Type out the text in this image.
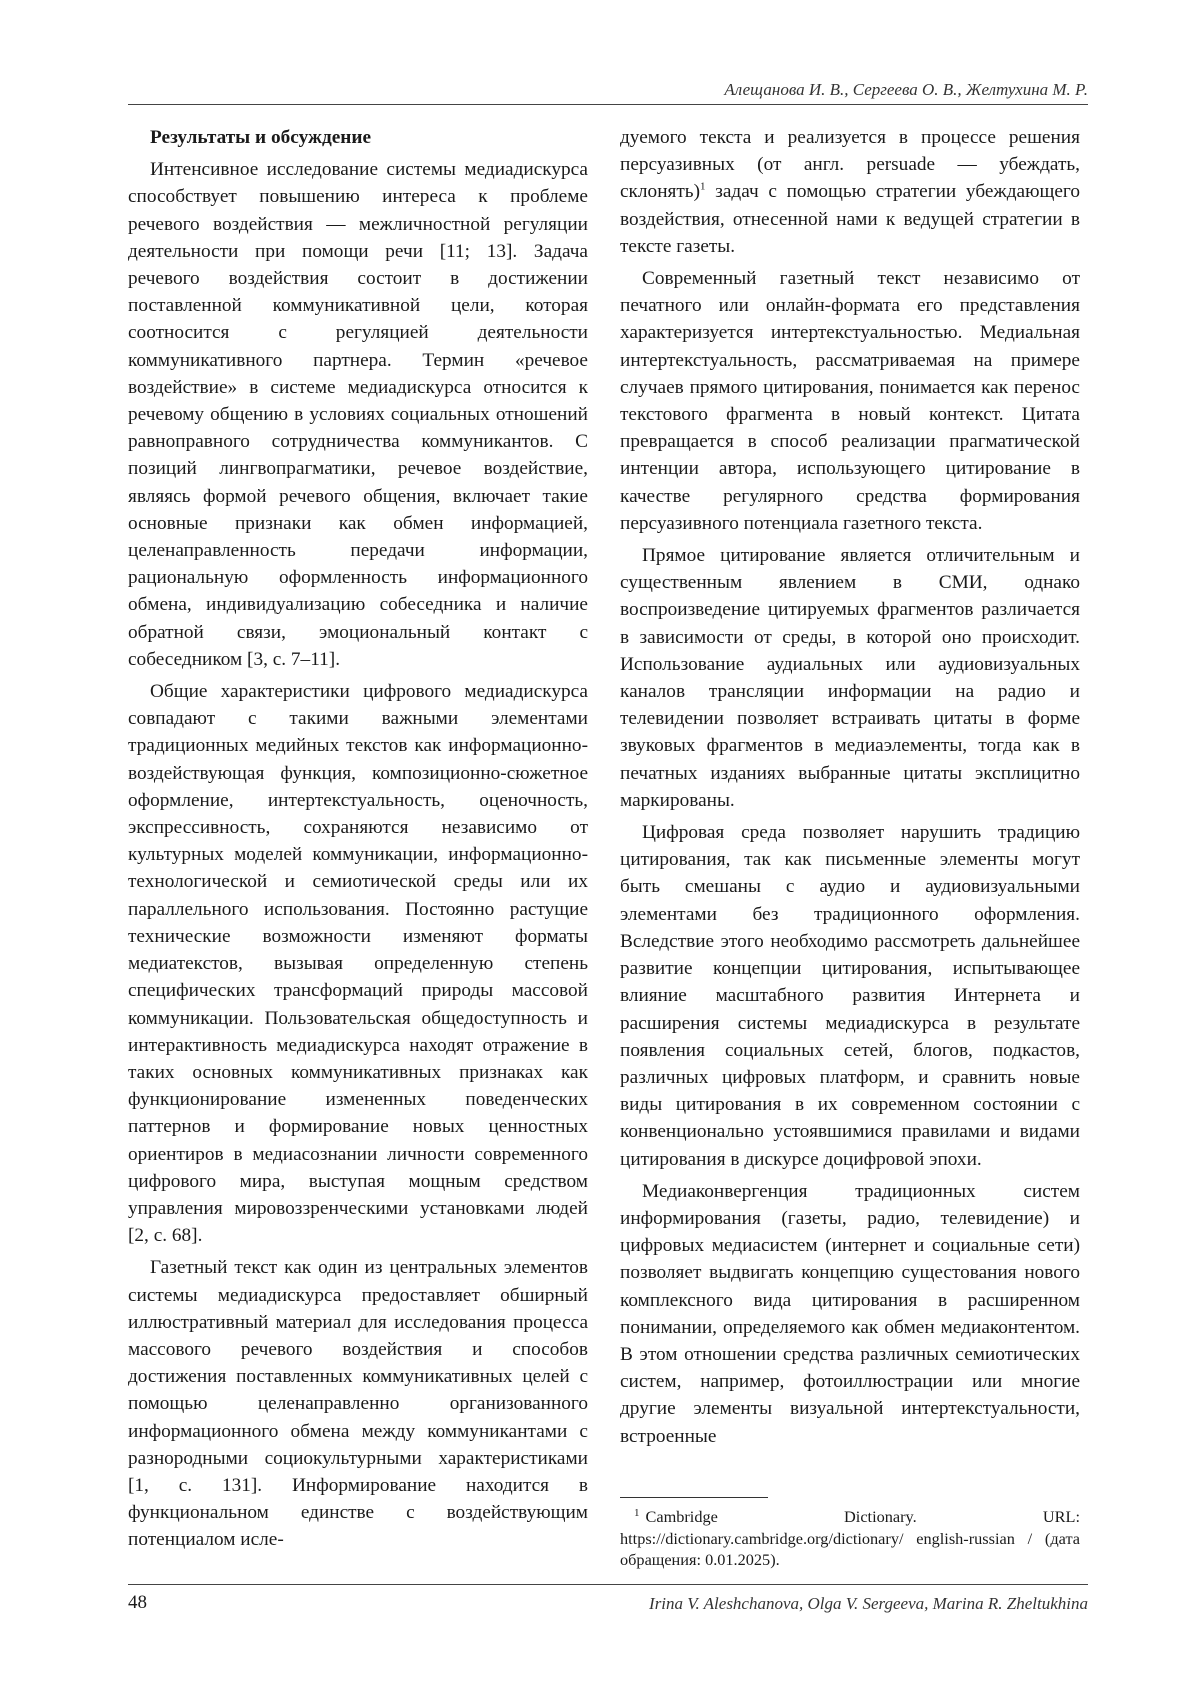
Алещанова И. В., Сергеева О. В., Желтухина М. Р.

Результаты и обсуждение

Интенсивное исследование системы медиадискурса способствует повышению интереса к проблеме речевого воздействия — межличностной регуляции деятельности при помощи речи [11; 13]. Задача речевого воздействия состоит в достижении поставленной коммуникативной цели, которая соотносится с регуляцией деятельности коммуникативного партнера. Термин «речевое воздействие» в системе медиадискурса относится к речевому общению в условиях социальных отношений равноправного сотрудничества коммуникантов. С позиций лингвопрагматики, речевое воздействие, являясь формой речевого общения, включает такие основные признаки как обмен информацией, целенаправленность передачи информации, рациональную оформленность информационного обмена, индивидуализацию собеседника и наличие обратной связи, эмоциональный контакт с собеседником [3, с. 7–11].

Общие характеристики цифрового медиадискурса совпадают с такими важными элементами традиционных медийных текстов как информационно-воздействующая функция, композиционно-сюжетное оформление, интертекстуальность, оценочность, экспрессивность, сохраняются независимо от культурных моделей коммуникации, информационно-технологической и семиотической среды или их параллельного использования. Постоянно растущие технические возможности изменяют форматы медиатекстов, вызывая определенную степень специфических трансформаций природы массовой коммуникации. Пользовательская общедоступность и интерактивность медиадискурса находят отражение в таких основных коммуникативных признаках как функционирование измененных поведенческих паттернов и формирование новых ценностных ориентиров в медиасознании личности современного цифрового мира, выступая мощным средством управления мировоззренческими установками людей [2, с. 68].

Газетный текст как один из центральных элементов системы медиадискурса предоставляет обширный иллюстративный материал для исследования процесса массового речевого воздействия и способов достижения поставленных коммуникативных целей с помощью целенаправленно организованного информационного обмена между коммуникантами с разнородными социокультурными характеристиками [1, с. 131]. Информирование находится в функциональном единстве с воздействующим потенциалом исле-

дуемого текста и реализуется в процессе решения персуазивных (от англ. persuade — убеждать, склонять)$^1$ задач с помощью стратегии убеждающего воздействия, отнесенной нами к ведущей стратегии в тексте газеты.

Современный газетный текст независимо от печатного или онлайн-формата его представления характеризуется интертекстуальностью. Медиальная интертекстуальность, рассматриваемая на примере случаев прямого цитирования, понимается как перенос текстового фрагмента в новый контекст. Цитата превращается в способ реализации прагматической интенции автора, использующего цитирование в качестве регулярного средства формирования персуазивного потенциала газетного текста.

Прямое цитирование является отличительным и существенным явлением в СМИ, однако воспроизведение цитируемых фрагментов различается в зависимости от среды, в которой оно происходит. Использование аудиальных или аудиовизуальных каналов трансляции информации на радио и телевидении позволяет встраивать цитаты в форме звуковых фрагментов в медиаэлементы, тогда как в печатных изданиях выбранные цитаты эксплицитно маркированы.

Цифровая среда позволяет нарушить традицию цитирования, так как письменные элементы могут быть смешаны с аудио и аудиовизуальными элементами без традиционного оформления. Вследствие этого необходимо рассмотреть дальнейшее развитие концепции цитирования, испытывающее влияние масштабного развития Интернета и расширения системы медиадискурса в результате появления социальных сетей, блогов, подкастов, различных цифровых платформ, и сравнить новые виды цитирования в их современном состоянии с конвенционально устоявшимися правилами и видами цитирования в дискурсе доцифровой эпохи.

Медиаконвергенция традиционных систем информирования (газеты, радио, телевидение) и цифровых медиасистем (интернет и социальные сети) позволяет выдвигать концепцию сущестования нового комплексного вида цитирования в расширенном понимании, определяемого как обмен медиаконтентом. В этом отношении средства различных семиотических систем, например, фотоиллюстрации или многие другие элементы визуальной интертекстуальности, встроенные

$^1$ Cambridge Dictionary. URL: https://dictionary.cambridge.org/dictionary/ english-russian / (дата обращения: 0.01.2025).
48	Irina V. Aleshchanova, Olga V. Sergeeva, Marina R. Zheltukhina
